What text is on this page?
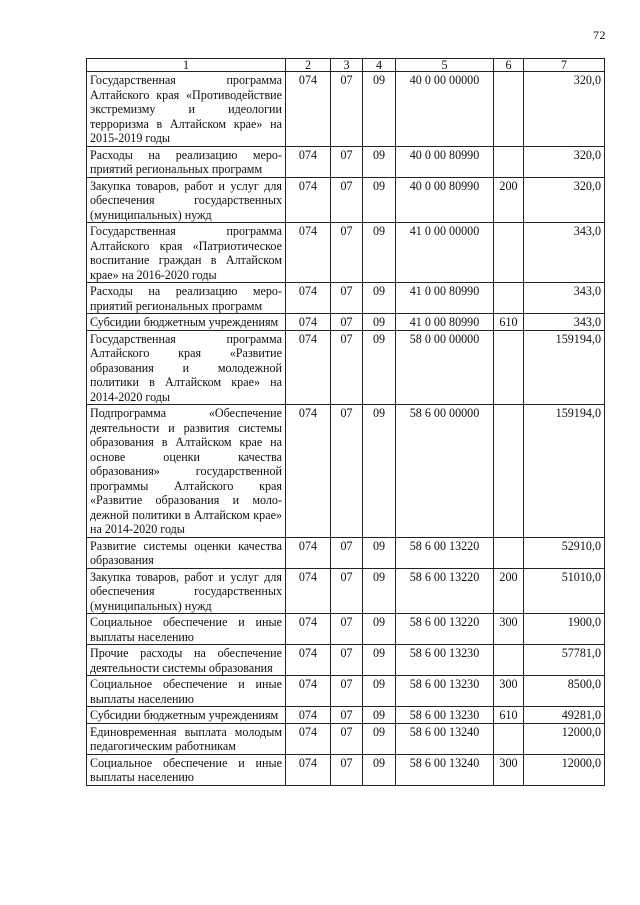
72
1	2	3	4	5	6	7
Государственная программа Алтайского края «Противодействие экстремизму и идеологии терроризма в Алтайском крае» на 2015-2019 годы	074	07	09	40 0 00 00000		320,0
Расходы на реализацию мероприятий региональных программ	074	07	09	40 0 00 80990		320,0
Закупка товаров, работ и услуг для обеспечения государственных (муниципальных) нужд	074	07	09	40 0 00 80990	200	320,0
Государственная программа Алтайского края «Патриотическое воспитание граждан в Алтайском крае» на 2016-2020 годы	074	07	09	41 0 00 00000		343,0
Расходы на реализацию мероприятий региональных программ	074	07	09	41 0 00 80990		343,0
Субсидии бюджетным учреждениям	074	07	09	41 0 00 80990	610	343,0
Государственная программа Алтайского края «Развитие образования и молодежной политики в Алтайском крае» на 2014-2020 годы	074	07	09	58 0 00 00000		159194,0
Подпрограмма «Обеспечение деятельности и развития системы образования в Алтайском крае на основе оценки качества образования» государственной программы Алтайского края «Развитие образования и молодежной политики в Алтайском крае» на 2014-2020 годы	074	07	09	58 6 00 00000		159194,0
Развитие системы оценки качества образования	074	07	09	58 6 00 13220		52910,0
Закупка товаров, работ и услуг для обеспечения государственных (муниципальных) нужд	074	07	09	58 6 00 13220	200	51010,0
Социальное обеспечение и иные выплаты населению	074	07	09	58 6 00 13220	300	1900,0
Прочие расходы на обеспечение деятельности системы образования	074	07	09	58 6 00 13230		57781,0
Социальное обеспечение и иные выплаты населению	074	07	09	58 6 00 13230	300	8500,0
Субсидии бюджетным учреждениям	074	07	09	58 6 00 13230	610	49281,0
Единовременная выплата молодым педагогическим работникам	074	07	09	58 6 00 13240		12000,0
Социальное обеспечение и иные выплаты населению	074	07	09	58 6 00 13240	300	12000,0
